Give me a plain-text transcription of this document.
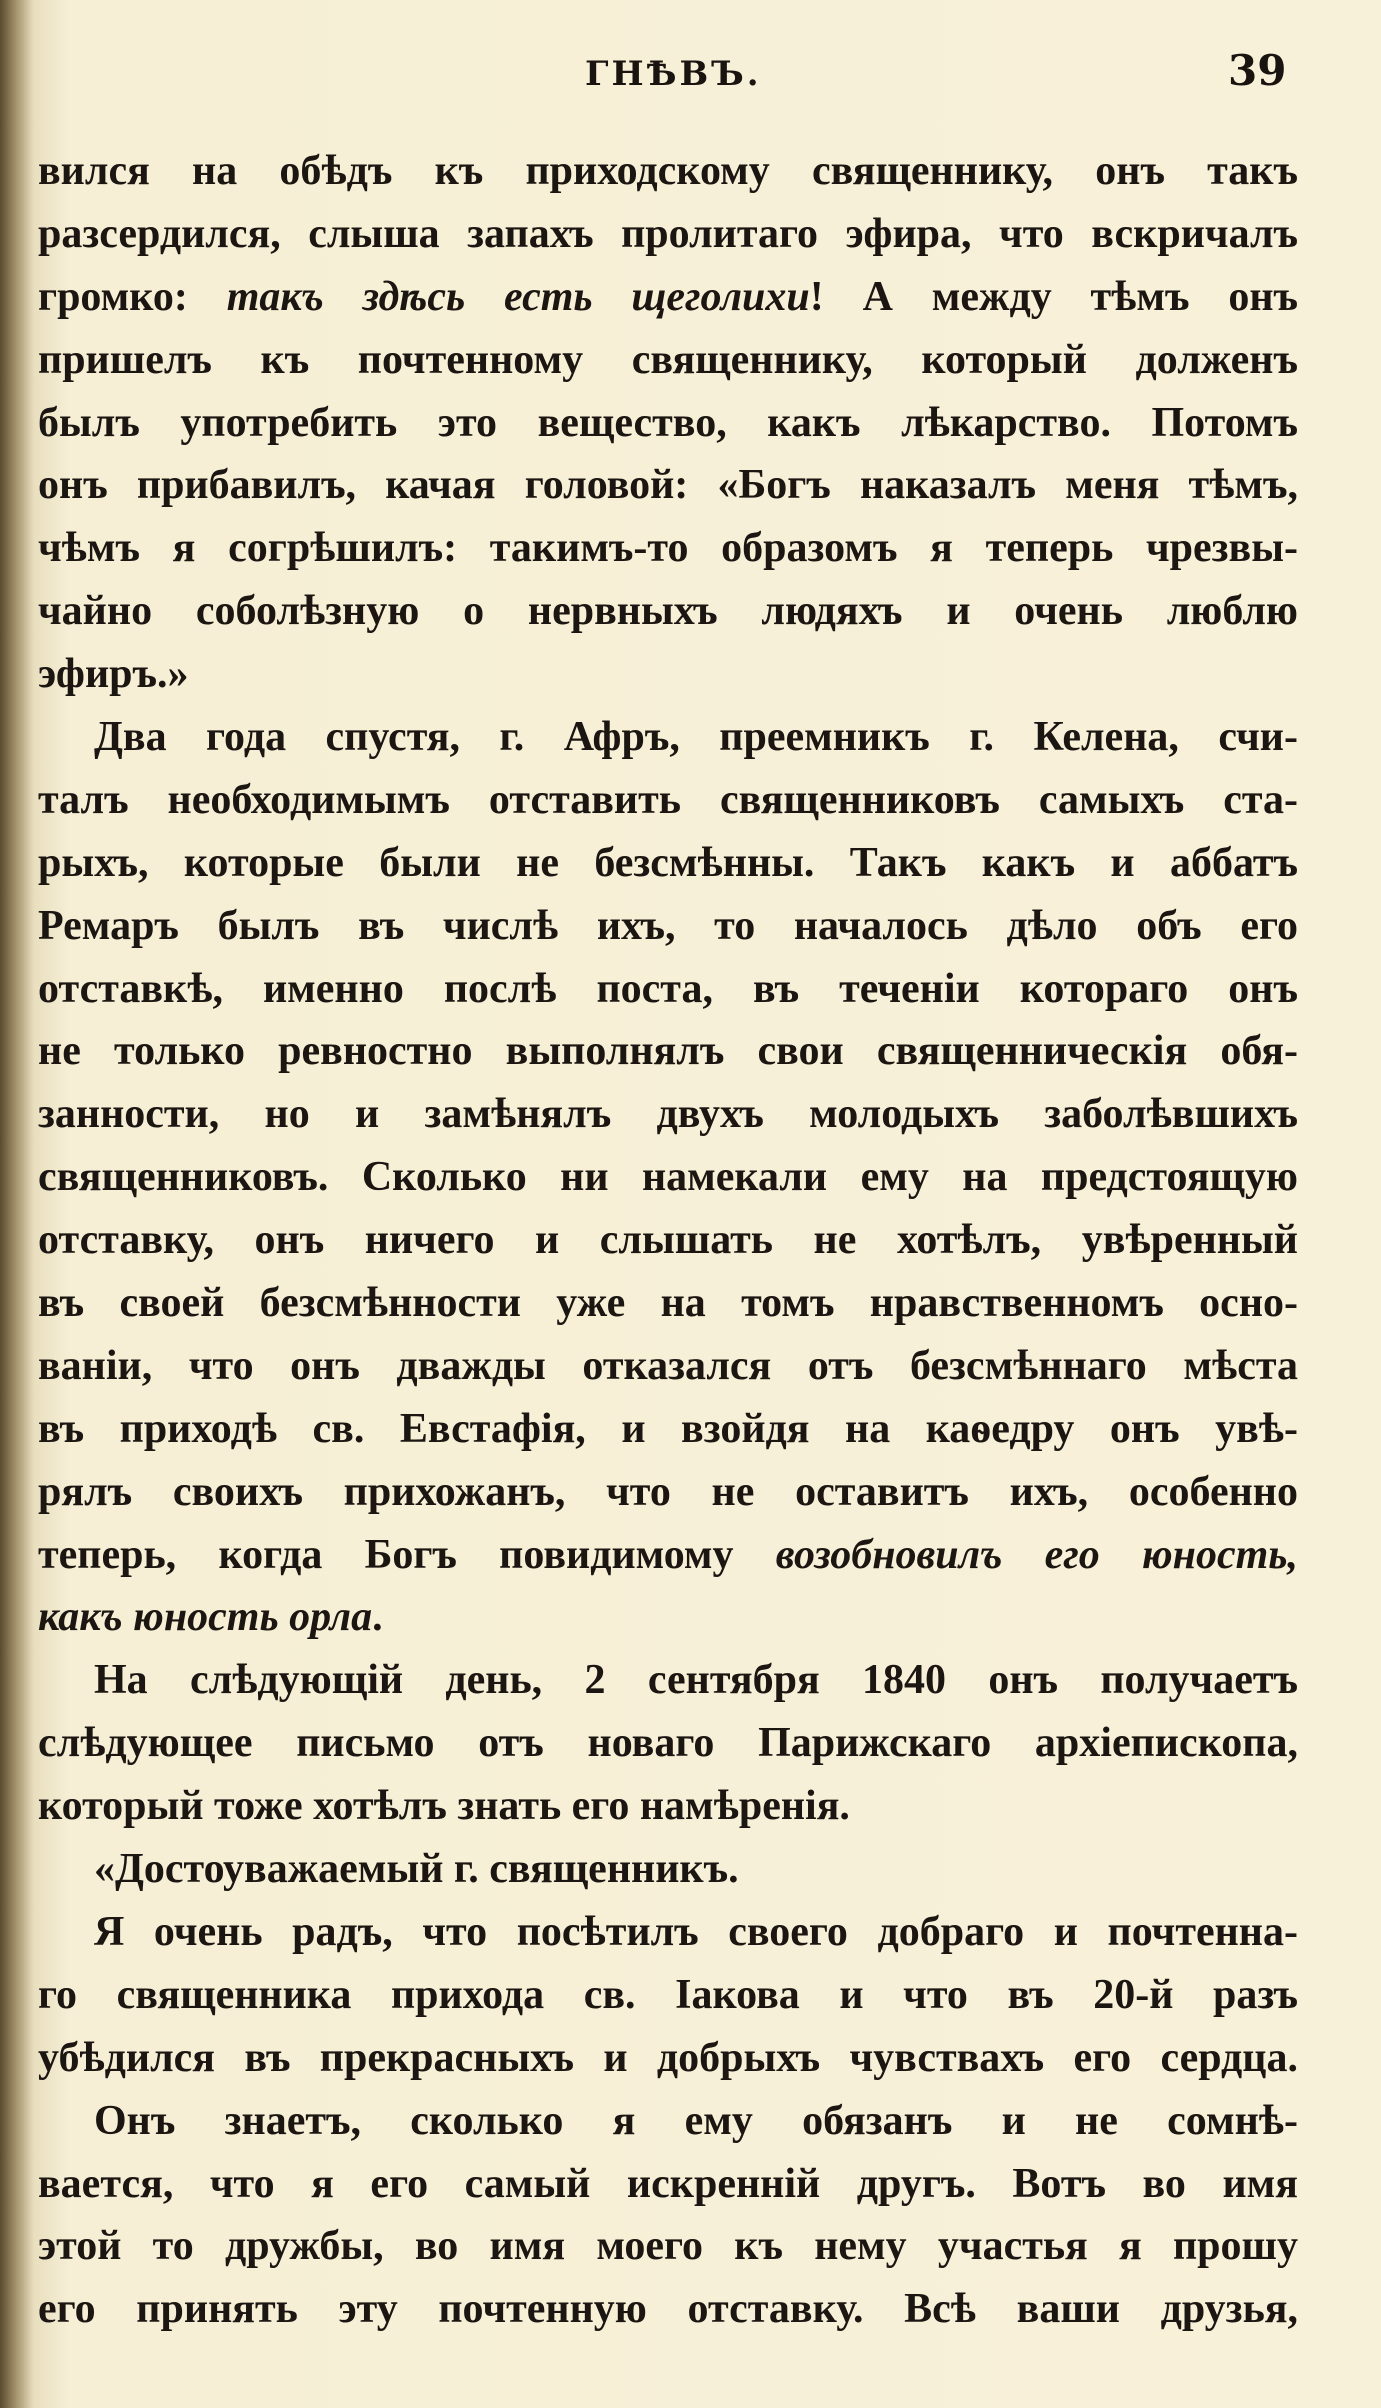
ГНѢВЪ.	39
вился на обѣдъ къ приходскому священнику, онъ такъ
разсердился, слыша запахъ пролитаго эфира, что вскричалъ
громко: такъ здѣсь есть щеголихи! А между тѣмъ онъ
пришелъ къ почтенному священнику, который долженъ
былъ употребить это вещество, какъ лѣкарство. Потомъ
онъ прибавилъ, качая головой: «Богъ наказалъ меня тѣмъ,
чѣмъ я согрѣшилъ: такимъ-то образомъ я теперь чрезвы-
чайно соболѣзную о нервныхъ людяхъ и очень люблю
эфиръ.»
Два года спустя, г. Афръ, преемникъ г. Келена, счи-
талъ необходимымъ отставить священниковъ самыхъ ста-
рыхъ, которые были не безсмѣнны. Такъ какъ и аббатъ
Ремаръ былъ въ числѣ ихъ, то началось дѣло объ его
отставкѣ, именно послѣ поста, въ теченіи котораго онъ
не только ревностно выполнялъ свои священническія обя-
занности, но и замѣнялъ двухъ молодыхъ заболѣвшихъ
священниковъ. Сколько ни намекали ему на предстоящую
отставку, онъ ничего и слышать не хотѣлъ, увѣренный
въ своей безсмѣнности уже на томъ нравственномъ осно-
ваніи, что онъ дважды отказался отъ безсмѣннаго мѣста
въ приходѣ св. Евстафія, и взойдя на каѳедру онъ увѣ-
рялъ своихъ прихожанъ, что не оставитъ ихъ, особенно
теперь, когда Богъ повидимому возобновилъ его юность,
какъ юность орла.
На слѣдующій день, 2 сентября 1840 онъ получаетъ
слѣдующее письмо отъ новаго Парижскаго архіепископа,
который тоже хотѣлъ знать его намѣренія.
«Достоуважаемый г. священникъ.
Я очень радъ, что посѣтилъ своего добраго и почтенна-
го священника прихода св. Іакова и что въ 20-й разъ
убѣдился въ прекрасныхъ и добрыхъ чувствахъ его сердца.
Онъ знаетъ, сколько я ему обязанъ и не сомнѣ-
вается, что я его самый искренній другъ. Вотъ во имя
этой то дружбы, во имя моего къ нему участья я прошу
его принять эту почтенную отставку. Всѣ ваши друзья,
